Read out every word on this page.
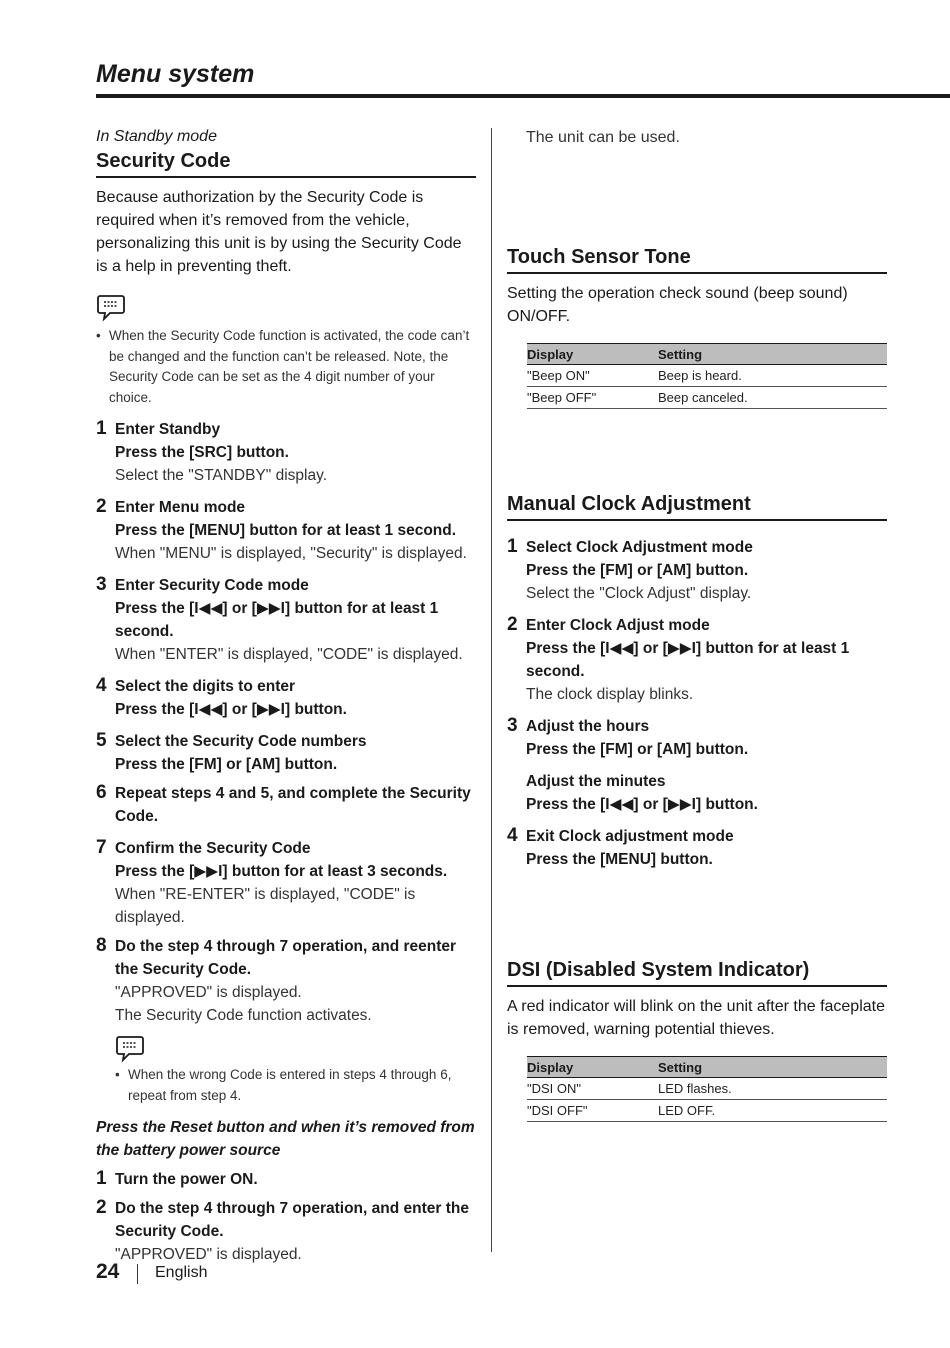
Menu system
In Standby mode
Security Code
Because authorization by the Security Code is required when it’s removed from the vehicle, personalizing this unit is by using the Security Code is a help in preventing theft.
• When the Security Code function is activated, the code can’t be changed and the function can’t be released. Note, the Security Code can be set as the 4 digit number of your choice.
1 Enter Standby
Press the [SRC] button.
Select the "STANDBY" display.
2 Enter Menu mode
Press the [MENU] button for at least 1 second.
When "MENU" is displayed, "Security" is displayed.
3 Enter Security Code mode
Press the [I◀◀] or [▶▶I] button for at least 1 second.
When "ENTER" is displayed, "CODE" is displayed.
4 Select the digits to enter
Press the [I◀◀] or [▶▶I] button.
5 Select the Security Code numbers
Press the [FM] or [AM] button.
6 Repeat steps 4 and 5, and complete the Security Code.
7 Confirm the Security Code
Press the [▶▶I] button for at least 3 seconds.
When "RE-ENTER" is displayed, "CODE" is displayed.
8 Do the step 4 through 7 operation, and reenter the Security Code.
"APPROVED" is displayed.
The Security Code function activates.
• When the wrong Code is entered in steps 4 through 6, repeat from step 4.
Press the Reset button and when it’s removed from the battery power source
1 Turn the power ON.
2 Do the step 4 through 7 operation, and enter the Security Code.
"APPROVED" is displayed.
The unit can be used.
Touch Sensor Tone
Setting the operation check sound (beep sound) ON/OFF.
Display	Setting
"Beep ON"	Beep is heard.
"Beep OFF"	Beep canceled.
Manual Clock Adjustment
1 Select Clock Adjustment mode
Press the [FM] or [AM] button.
Select the "Clock Adjust" display.
2 Enter Clock Adjust mode
Press the [I◀◀] or [▶▶I] button for at least 1 second.
The clock display blinks.
3 Adjust the hours
Press the [FM] or [AM] button.
Adjust the minutes
Press the [I◀◀] or [▶▶I] button.
4 Exit Clock adjustment mode
Press the [MENU] button.
DSI (Disabled System Indicator)
A red indicator will blink on the unit after the faceplate is removed, warning potential thieves.
Display	Setting
"DSI ON"	LED flashes.
"DSI OFF"	LED OFF.
24 English
